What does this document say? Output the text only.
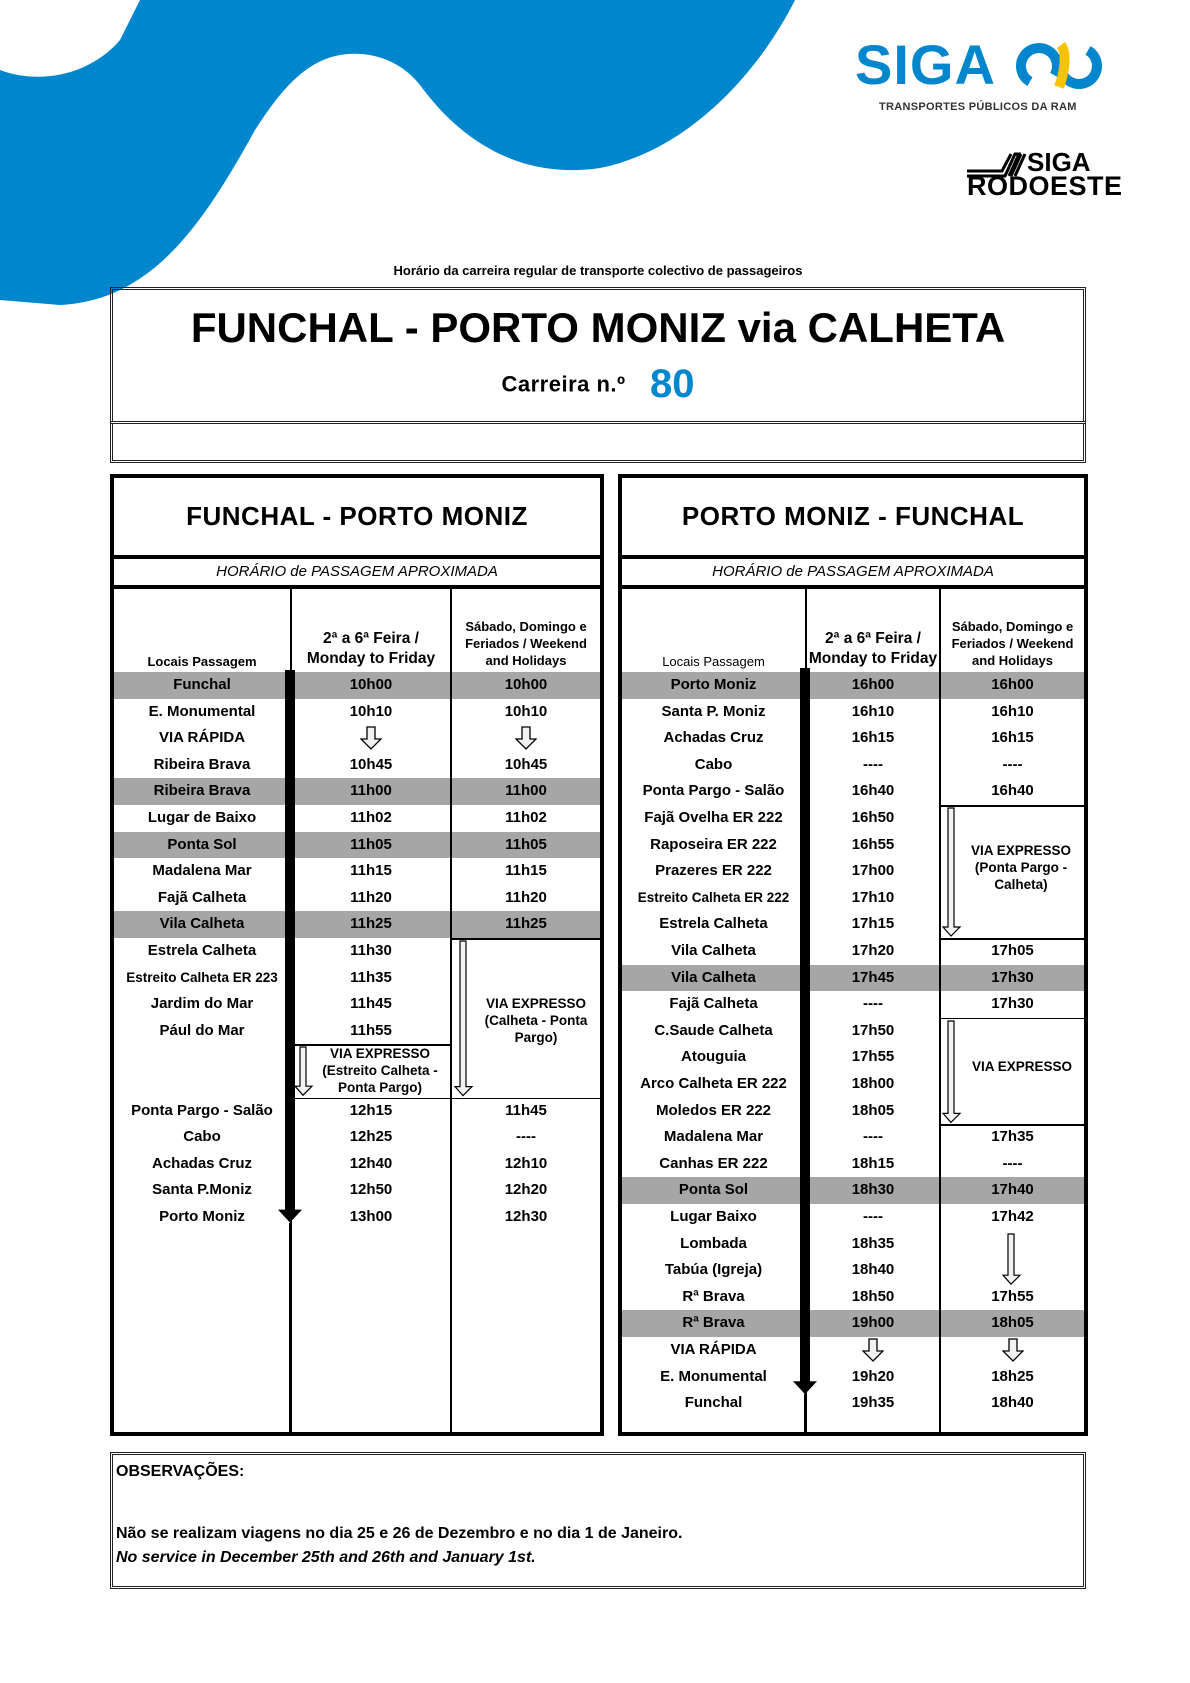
SIGA
TRANSPORTES PÚBLICOS DA RAM
SIGA
RODOESTE
Horário da carreira regular de transporte colectivo de passageiros
FUNCHAL - PORTO MONIZ via CALHETA
Carreira n.º 80
FUNCHAL - PORTO MONIZ
HORÁRIO de PASSAGEM APROXIMADA
Locais Passagem
2ª a 6ª Feira / Monday to Friday
Sábado, Domingo e Feriados / Weekend and Holidays
Funchal	10h00	10h00
E. Monumental	10h10	10h10
VIA RÁPIDA
Ribeira Brava	10h45	10h45
Ribeira Brava	11h00	11h00
Lugar de Baixo	11h02	11h02
Ponta Sol	11h05	11h05
Madalena Mar	11h15	11h15
Fajã Calheta	11h20	11h20
Vila Calheta	11h25	11h25
Estrela Calheta	11h30
Estreito Calheta ER 223	11h35
Jardim do Mar	11h45
Pául do Mar	11h55
Ponta Pargo - Salão	12h15	11h45
Cabo	12h25	----
Achadas Cruz	12h40	12h10
Santa P.Moniz	12h50	12h20
Porto Moniz	13h00	12h30
VIA EXPRESSO (Calheta - Ponta Pargo)
VIA EXPRESSO (Estreito Calheta - Ponta Pargo)
PORTO MONIZ - FUNCHAL
HORÁRIO de PASSAGEM APROXIMADA
Locais Passagem
2ª a 6ª Feira / Monday to Friday
Sábado, Domingo e Feriados / Weekend and Holidays
Porto Moniz	16h00	16h00
Santa P. Moniz	16h10	16h10
Achadas Cruz	16h15	16h15
Cabo	----	----
Ponta Pargo - Salão	16h40	16h40
Fajã Ovelha ER 222	16h50
Raposeira ER 222	16h55
Prazeres ER 222	17h00
Estreito Calheta ER 222	17h10
Estrela Calheta	17h15
Vila Calheta	17h20	17h05
Vila Calheta	17h45	17h30
Fajã Calheta	----	17h30
C.Saude Calheta	17h50
Atouguia	17h55
Arco Calheta ER 222	18h00
Moledos ER 222	18h05
Madalena Mar	----	17h35
Canhas ER 222	18h15	----
Ponta Sol	18h30	17h40
Lugar Baixo	----	17h42
Lombada	18h35
Tabúa (Igreja)	18h40
Rª Brava	18h50	17h55
Rª Brava	19h00	18h05
VIA RÁPIDA
E. Monumental	19h20	18h25
Funchal	19h35	18h40
VIA EXPRESSO (Ponta Pargo - Calheta)
VIA EXPRESSO
OBSERVAÇÕES:
Não se realizam viagens no dia 25 e 26 de Dezembro e no dia 1 de Janeiro.
No service in December 25th and 26th and January 1st.
